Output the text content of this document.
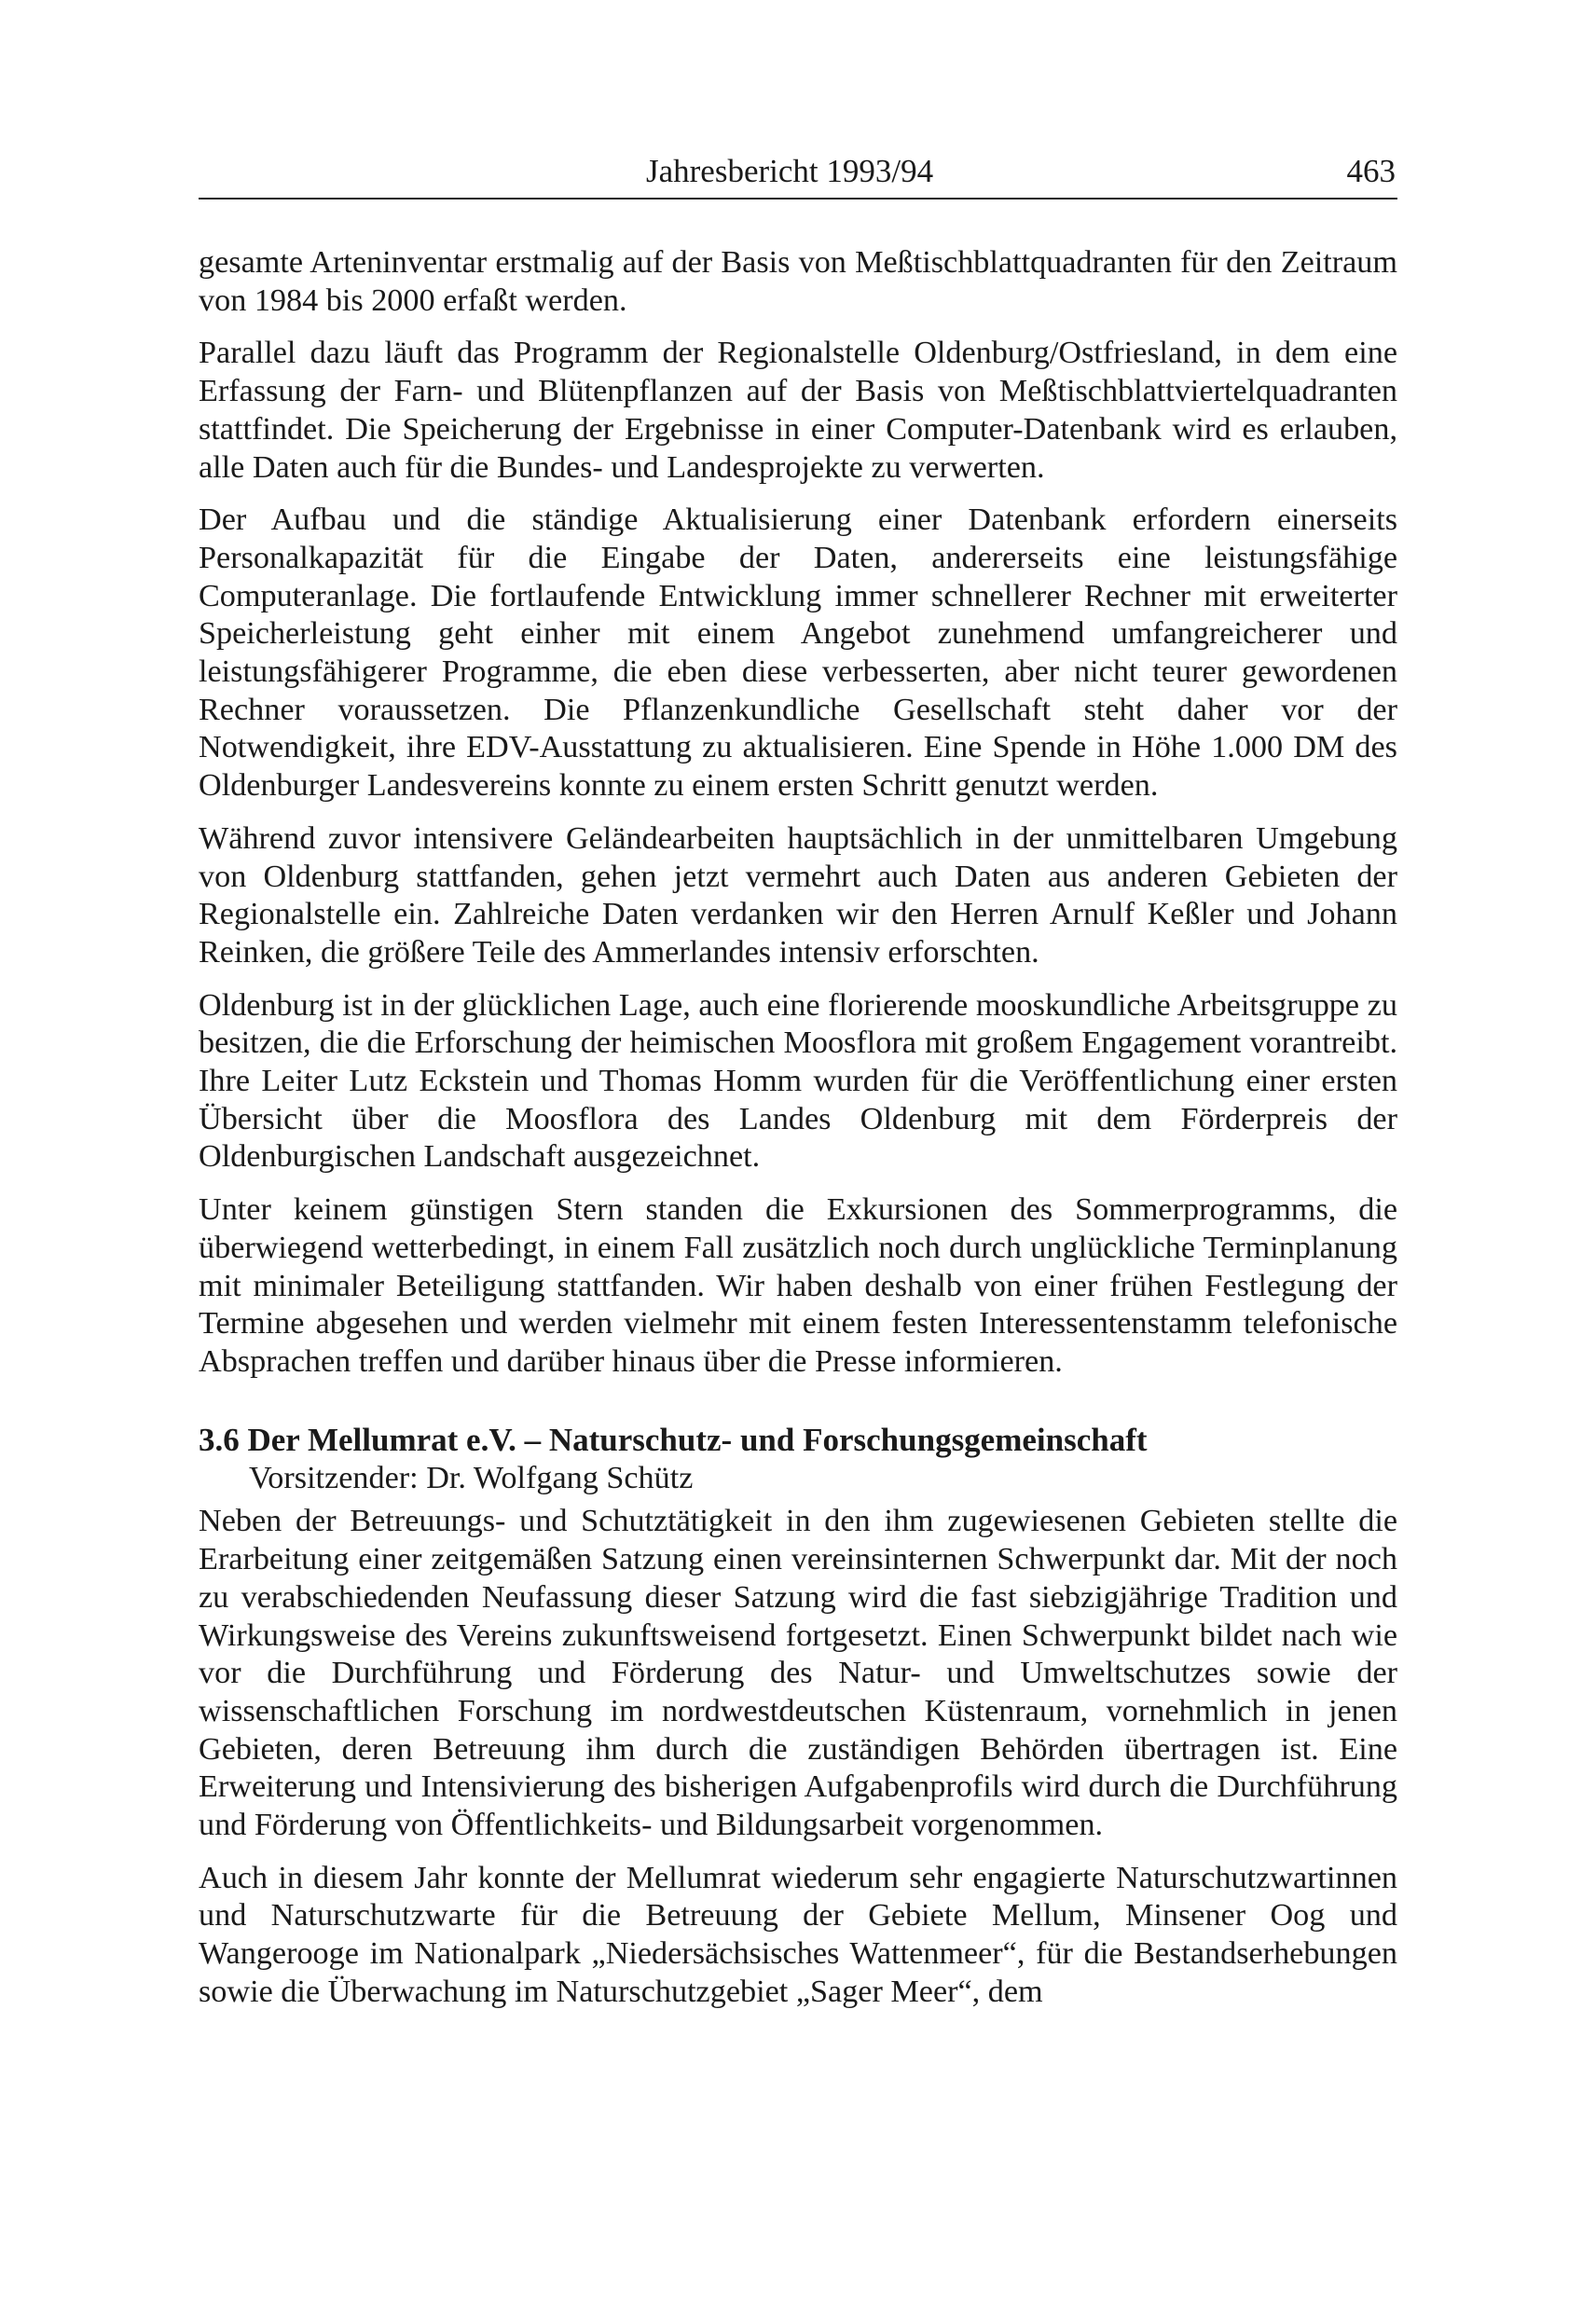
Jahresbericht 1993/94	463

gesamte Arteninventar erstmalig auf der Basis von Meßtischblattquadranten für den Zeitraum von 1984 bis 2000 erfaßt werden.

Parallel dazu läuft das Programm der Regionalstelle Oldenburg/Ostfriesland, in dem eine Erfassung der Farn- und Blütenpflanzen auf der Basis von Meßtischblattviertelquadranten stattfindet. Die Speicherung der Ergebnisse in einer Computer-Datenbank wird es erlauben, alle Daten auch für die Bundes- und Landesprojekte zu verwerten.

Der Aufbau und die ständige Aktualisierung einer Datenbank erfordern einerseits Personalkapazität für die Eingabe der Daten, andererseits eine leistungsfähige Computeranlage. Die fortlaufende Entwicklung immer schnellerer Rechner mit erweiterter Speicherleistung geht einher mit einem Angebot zunehmend umfangreicherer und leistungsfähigerer Programme, die eben diese verbesserten, aber nicht teurer gewordenen Rechner voraussetzen. Die Pflanzenkundliche Gesellschaft steht daher vor der Notwendigkeit, ihre EDV-Ausstattung zu aktualisieren. Eine Spende in Höhe 1.000 DM des Oldenburger Landesvereins konnte zu einem ersten Schritt genutzt werden.

Während zuvor intensivere Geländearbeiten hauptsächlich in der unmittelbaren Umgebung von Oldenburg stattfanden, gehen jetzt vermehrt auch Daten aus anderen Gebieten der Regionalstelle ein. Zahlreiche Daten verdanken wir den Herren Arnulf Keßler und Johann Reinken, die größere Teile des Ammerlandes intensiv erforschten.

Oldenburg ist in der glücklichen Lage, auch eine florierende mooskundliche Arbeitsgruppe zu besitzen, die die Erforschung der heimischen Moosflora mit großem Engagement vorantreibt. Ihre Leiter Lutz Eckstein und Thomas Homm wurden für die Veröffentlichung einer ersten Übersicht über die Moosflora des Landes Oldenburg mit dem Förderpreis der Oldenburgischen Landschaft ausgezeichnet.

Unter keinem günstigen Stern standen die Exkursionen des Sommerprogramms, die überwiegend wetterbedingt, in einem Fall zusätzlich noch durch unglückliche Terminplanung mit minimaler Beteiligung stattfanden. Wir haben deshalb von einer frühen Festlegung der Termine abgesehen und werden vielmehr mit einem festen Interessentenstamm telefonische Absprachen treffen und darüber hinaus über die Presse informieren.

3.6 Der Mellumrat e.V. – Naturschutz- und Forschungsgemeinschaft
Vorsitzender: Dr. Wolfgang Schütz

Neben der Betreuungs- und Schutztätigkeit in den ihm zugewiesenen Gebieten stellte die Erarbeitung einer zeitgemäßen Satzung einen vereinsinternen Schwerpunkt dar. Mit der noch zu verabschiedenden Neufassung dieser Satzung wird die fast siebzigjährige Tradition und Wirkungsweise des Vereins zukunftsweisend fortgesetzt. Einen Schwerpunkt bildet nach wie vor die Durchführung und Förderung des Natur- und Umweltschutzes sowie der wissenschaftlichen Forschung im nordwestdeutschen Küstenraum, vornehmlich in jenen Gebieten, deren Betreuung ihm durch die zuständigen Behörden übertragen ist. Eine Erweiterung und Intensivierung des bisherigen Aufgabenprofils wird durch die Durchführung und Förderung von Öffentlichkeits- und Bildungsarbeit vorgenommen.

Auch in diesem Jahr konnte der Mellumrat wiederum sehr engagierte Naturschutzwartinnen und Naturschutzwarte für die Betreuung der Gebiete Mellum, Minsener Oog und Wangerooge im Nationalpark „Niedersächsisches Wattenmeer“, für die Bestandserhebungen sowie die Überwachung im Naturschutzgebiet „Sager Meer“, dem
